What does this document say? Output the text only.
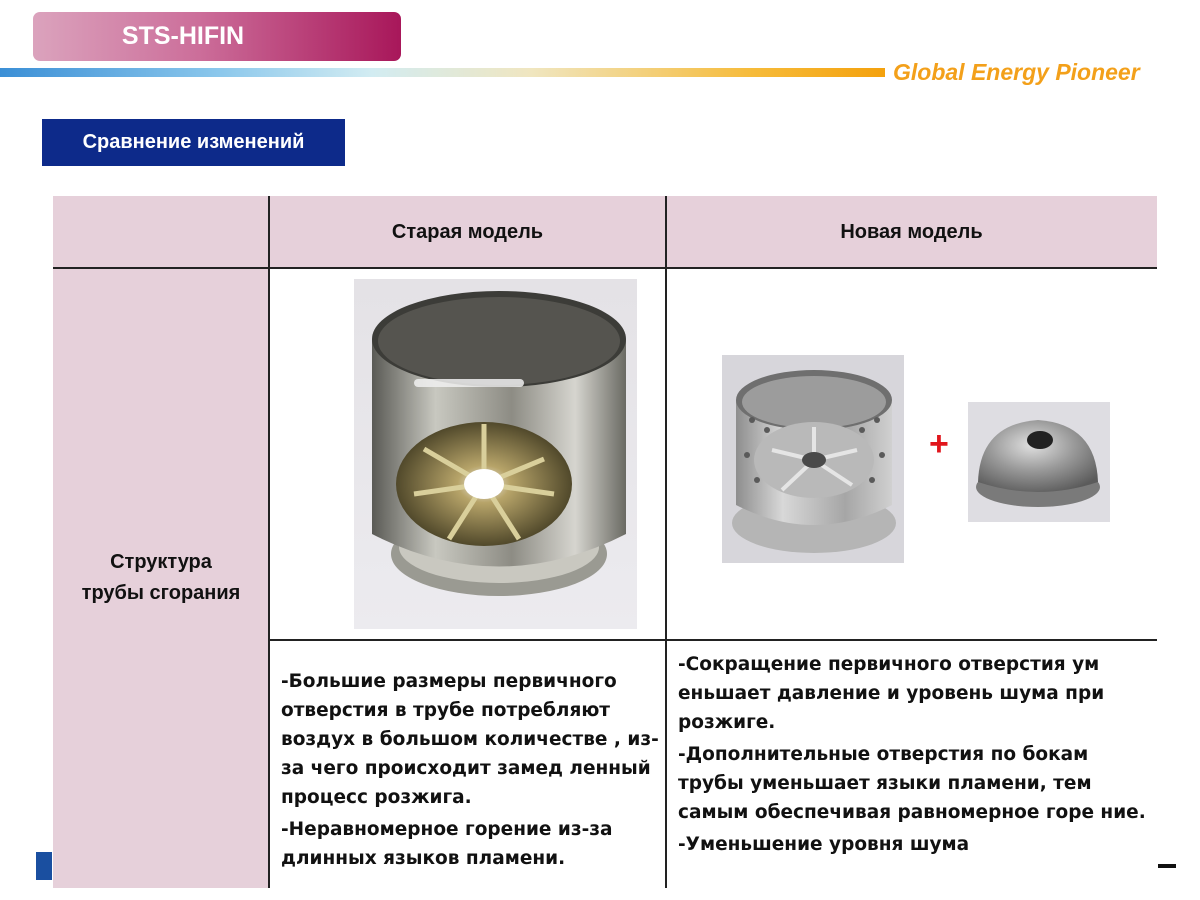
STS-HIFIN
Global Energy Pioneer
Сравнение изменений
Старая модель	Новая модель
Структура
трубы сгорания

-Большие размеры первичного отверстия в трубе потребляют воздух в большом количестве , из-за чего происходит замед ленный процесс розжига.

-Неравномерное горение из-за длинных языков пламени.

-Сокращение первичного отверстия ум еньшает давление и уровень шума при розжиге.

-Дополнительные отверстия по бокам трубы уменьшает языки пламени, тем самым обеспечивая равномерное горе ние.

-Уменьшение уровня шума

+
